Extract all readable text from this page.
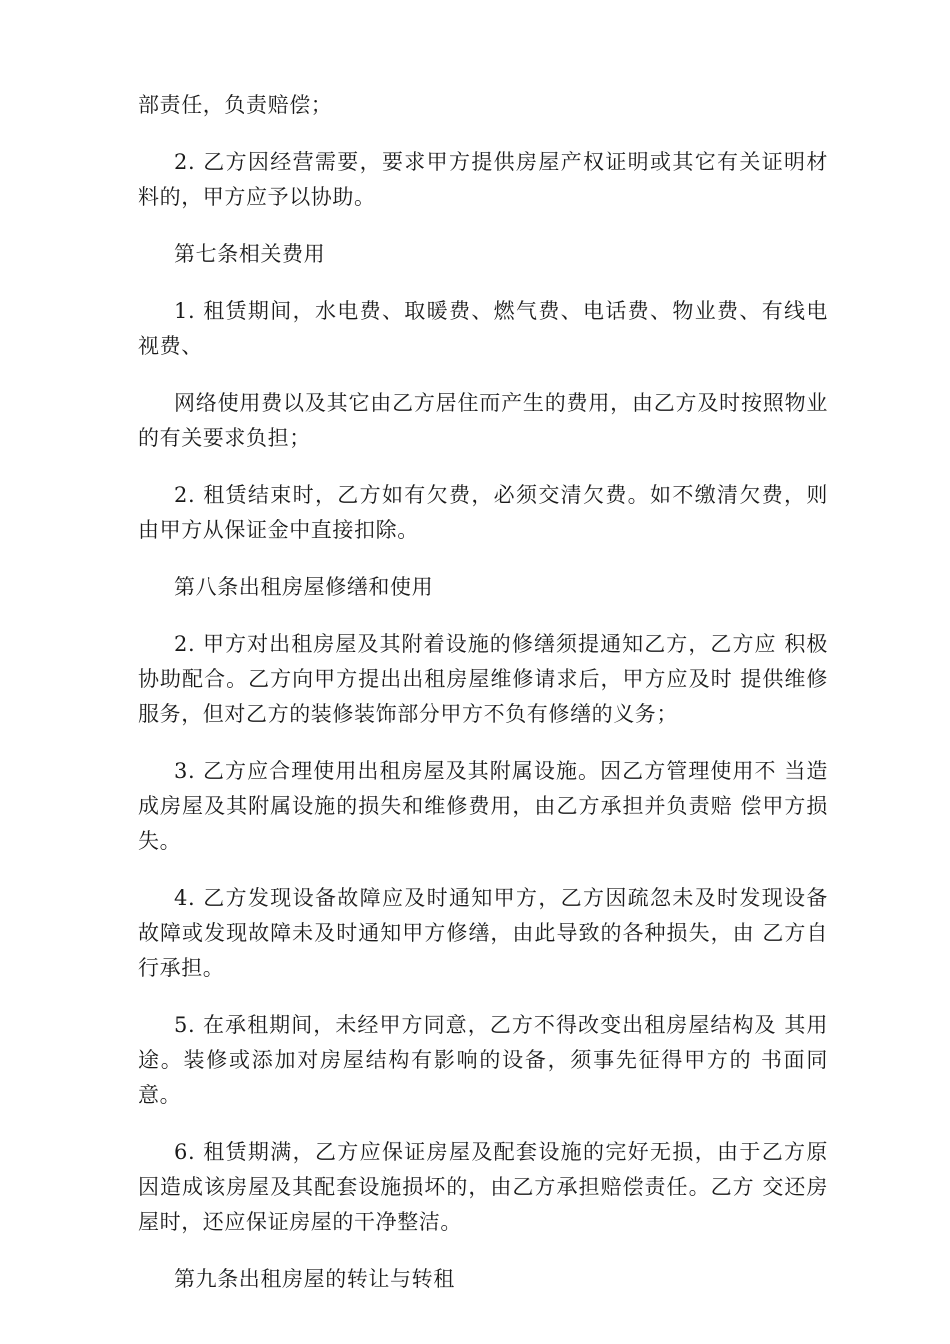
部责任，负责赔偿；

2. 乙方因经营需要，要求甲方提供房屋产权证明或其它有关证明材料的，甲方应予以协助。

第七条相关费用

1. 租赁期间，水电费、取暖费、燃气费、电话费、物业费、有线电视费、

网络使用费以及其它由乙方居住而产生的费用，由乙方及时按照物业的有关要求负担；

2. 租赁结束时，乙方如有欠费，必须交清欠费。如不缴清欠费，则由甲方从保证金中直接扣除。

第八条出租房屋修缮和使用

2. 甲方对出租房屋及其附着设施的修缮须提通知乙方，乙方应 积极协助配合。乙方向甲方提出出租房屋维修请求后，甲方应及时 提供维修服务，但对乙方的装修装饰部分甲方不负有修缮的义务；

3. 乙方应合理使用出租房屋及其附属设施。因乙方管理使用不 当造成房屋及其附属设施的损失和维修费用，由乙方承担并负责赔 偿甲方损失。

4. 乙方发现设备故障应及时通知甲方，乙方因疏忽未及时发现设备故障或发现故障未及时通知甲方修缮，由此导致的各种损失，由 乙方自行承担。

5. 在承租期间，未经甲方同意，乙方不得改变出租房屋结构及 其用途。装修或添加对房屋结构有影响的设备，须事先征得甲方的 书面同意。

6. 租赁期满，乙方应保证房屋及配套设施的完好无损，由于乙方原因造成该房屋及其配套设施损坏的，由乙方承担赔偿责任。乙方 交还房屋时，还应保证房屋的干净整洁。

第九条出租房屋的转让与转租
